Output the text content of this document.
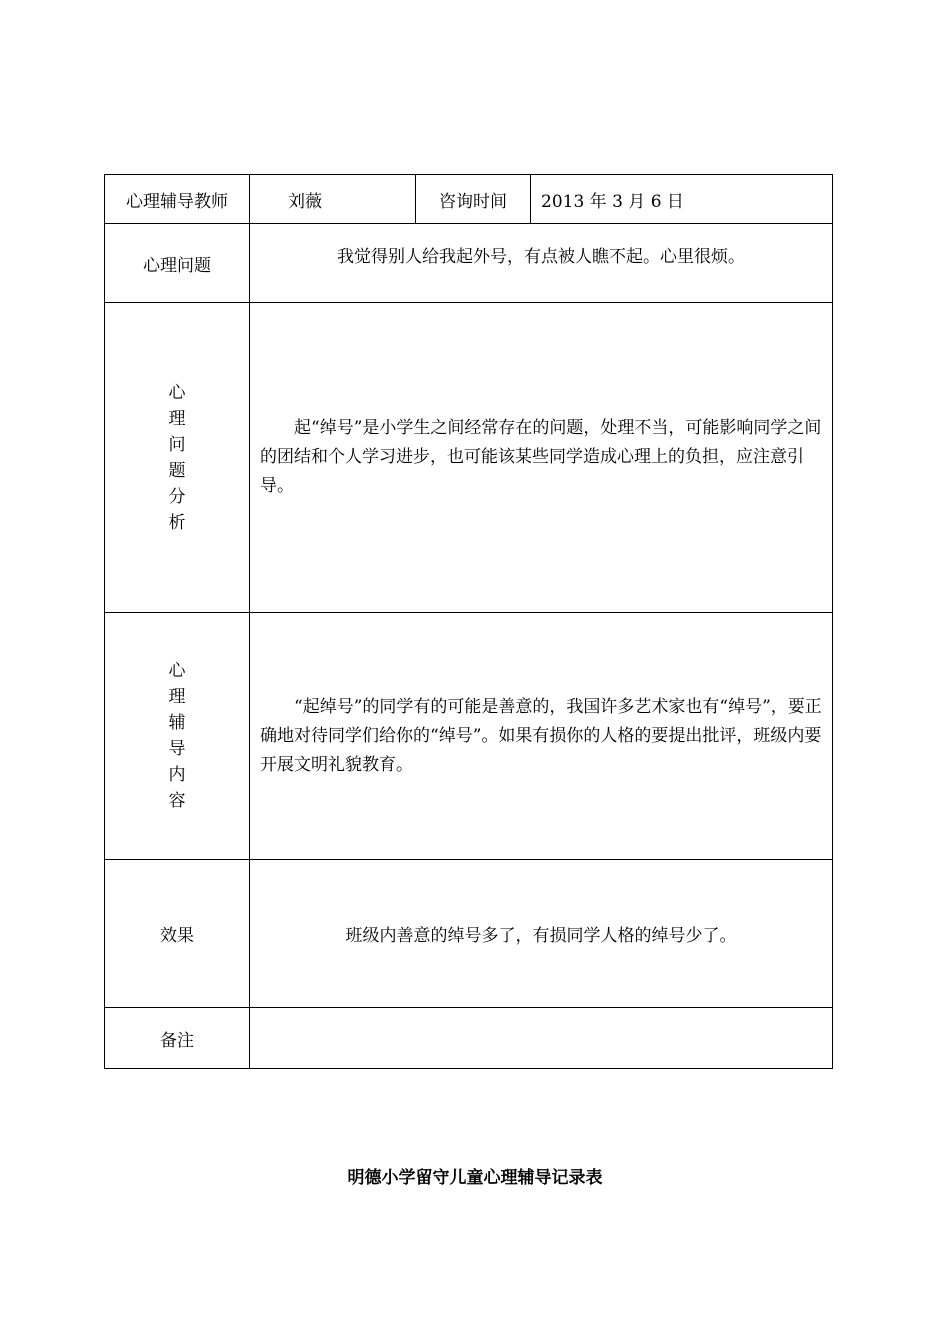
心理辅导教师	刘薇	咨询时间	2013 年 3 月 6 日
心理问题	我觉得别人给我起外号，有点被人瞧不起。心里很烦。		
心理问题分析	起“绰号”是小学生之间经常存在的问题，处理不当，可能影响同学之间的团结和个人学习进步，也可能该某些同学造成心理上的负担，应注意引导。		
心理辅导内容	“起绰号”的同学有的可能是善意的，我国许多艺术家也有“绰号”，要正确地对待同学们给你的“绰号”。如果有损你的人格的要提出批评，班级内要开展文明礼貌教育。		
效果	班级内善意的绰号多了，有损同学人格的绰号少了。		
备注			
明德小学留守儿童心理辅导记录表
